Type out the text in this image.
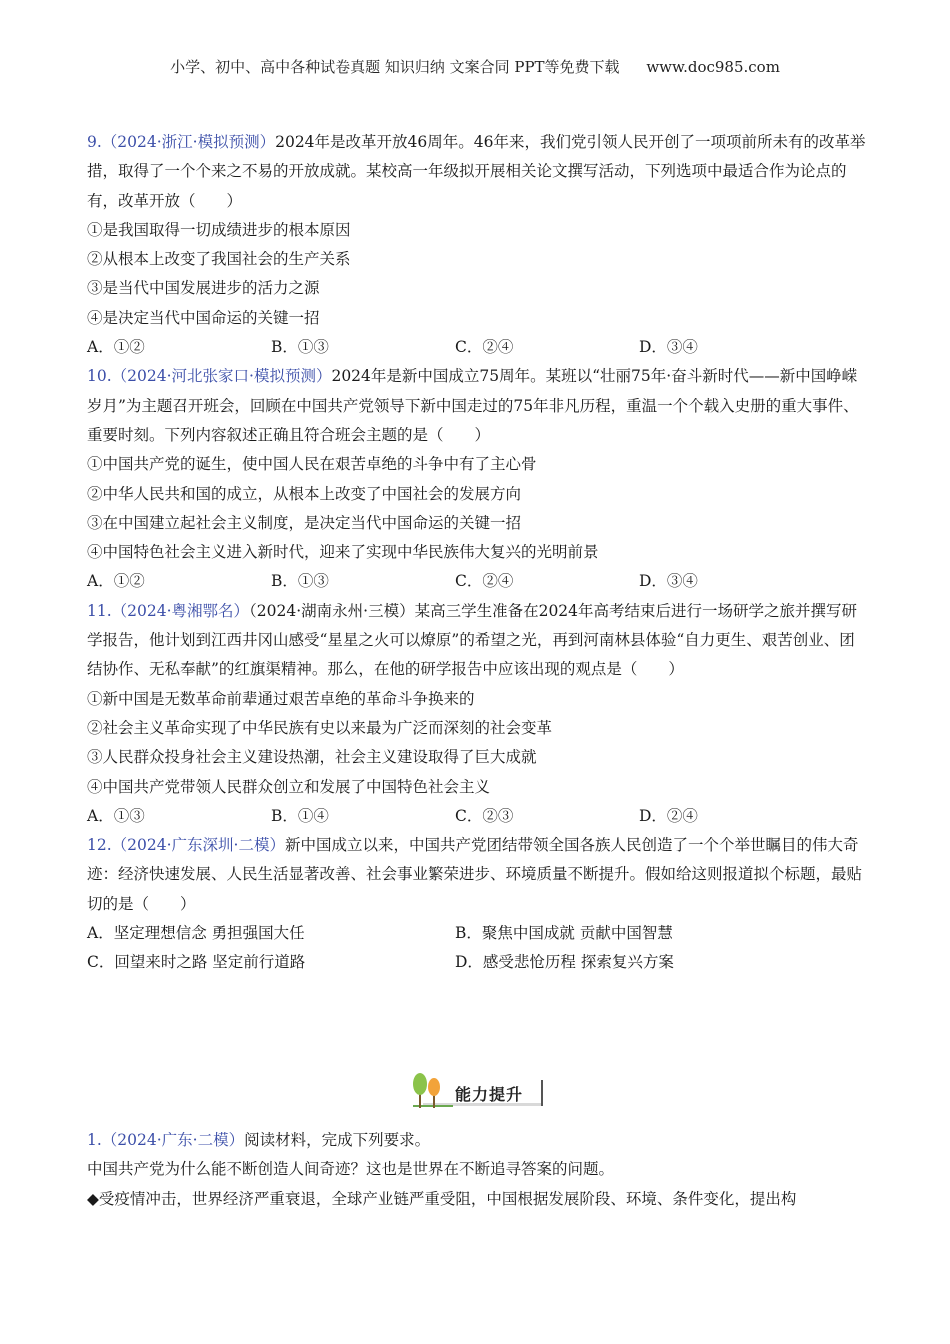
小学、初中、高中各种试卷真题 知识归纳 文案合同 PPT等免费下载 www.doc985.com

9.（2024·浙江·模拟预测）2024年是改革开放46周年。46年来，我们党引领人民开创了一项项前所未有的改革举措，取得了一个个来之不易的开放成就。某校高一年级拟开展相关论文撰写活动，下列选项中最适合作为论点的有，改革开放（　　）

①是我国取得一切成绩进步的根本原因

②从根本上改变了我国社会的生产关系

③是当代中国发展进步的活力之源

④是决定当代中国命运的关键一招

A．①②	B．①③	C．②④	D．③④

10.（2024·河北张家口·模拟预测）2024年是新中国成立75周年。某班以“壮丽75年·奋斗新时代——新中国峥嵘岁月”为主题召开班会，回顾在中国共产党领导下新中国走过的75年非凡历程，重温一个个载入史册的重大事件、重要时刻。下列内容叙述正确且符合班会主题的是（　　）

①中国共产党的诞生，使中国人民在艰苦卓绝的斗争中有了主心骨

②中华人民共和国的成立，从根本上改变了中国社会的发展方向

③在中国建立起社会主义制度，是决定当代中国命运的关键一招

④中国特色社会主义进入新时代，迎来了实现中华民族伟大复兴的光明前景

A．①②	B．①③	C．②④	D．③④

11.（2024·粤湘鄂名）（2024·湖南永州·三模）某高三学生准备在2024年高考结束后进行一场研学之旅并撰写研学报告，他计划到江西井冈山感受“星星之火可以燎原”的希望之光，再到河南林县体验“自力更生、艰苦创业、团结协作、无私奉献”的红旗渠精神。那么，在他的研学报告中应该出现的观点是（　　）

①新中国是无数革命前辈通过艰苦卓绝的革命斗争换来的

②社会主义革命实现了中华民族有史以来最为广泛而深刻的社会变革

③人民群众投身社会主义建设热潮，社会主义建设取得了巨大成就

④中国共产党带领人民群众创立和发展了中国特色社会主义

A．①③	B．①④	C．②③	D．②④

12.（2024·广东深圳·二模）新中国成立以来，中国共产党团结带领全国各族人民创造了一个个举世瞩目的伟大奇迹：经济快速发展、人民生活显著改善、社会事业繁荣进步、环境质量不断提升。假如给这则报道拟个标题，最贴切的是（　　）

A．坚定理想信念 勇担强国大任	B．聚焦中国成就 贡献中国智慧
C．回望来时之路 坚定前行道路	D．感受悲怆历程 探索复兴方案
能力提升

1.（2024·广东·二模）阅读材料，完成下列要求。

中国共产党为什么能不断创造人间奇迹？这也是世界在不断追寻答案的问题。

◆受疫情冲击，世界经济严重衰退，全球产业链严重受阻，中国根据发展阶段、环境、条件变化，提出构
